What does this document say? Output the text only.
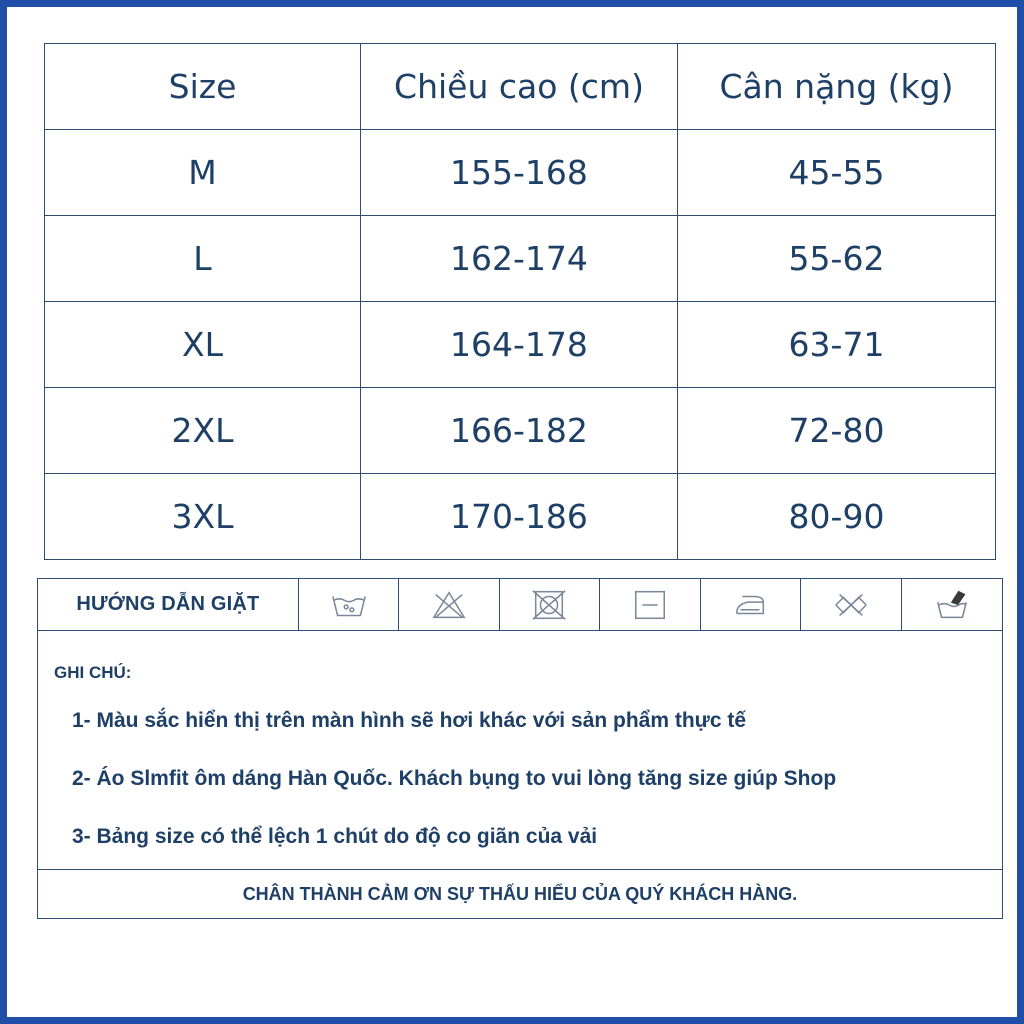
Size	Chiều cao (cm)	Cân nặng (kg)
M	155-168	45-55
L	162-174	55-62
XL	164-178	63-71
2XL	166-182	72-80
3XL	170-186	80-90
HƯỚNG DẪN GIẶT
GHI CHÚ:
1- Màu sắc hiển thị trên màn hình sẽ hơi khác với sản phẩm thực tế
2- Áo Slmfit ôm dáng Hàn Quốc. Khách bụng to vui lòng tăng size giúp Shop
3- Bảng size có thể lệch 1 chút do độ co giãn của vải
CHÂN THÀNH CẢM ƠN SỰ THẤU HIỂU CỦA QUÝ KHÁCH HÀNG.
